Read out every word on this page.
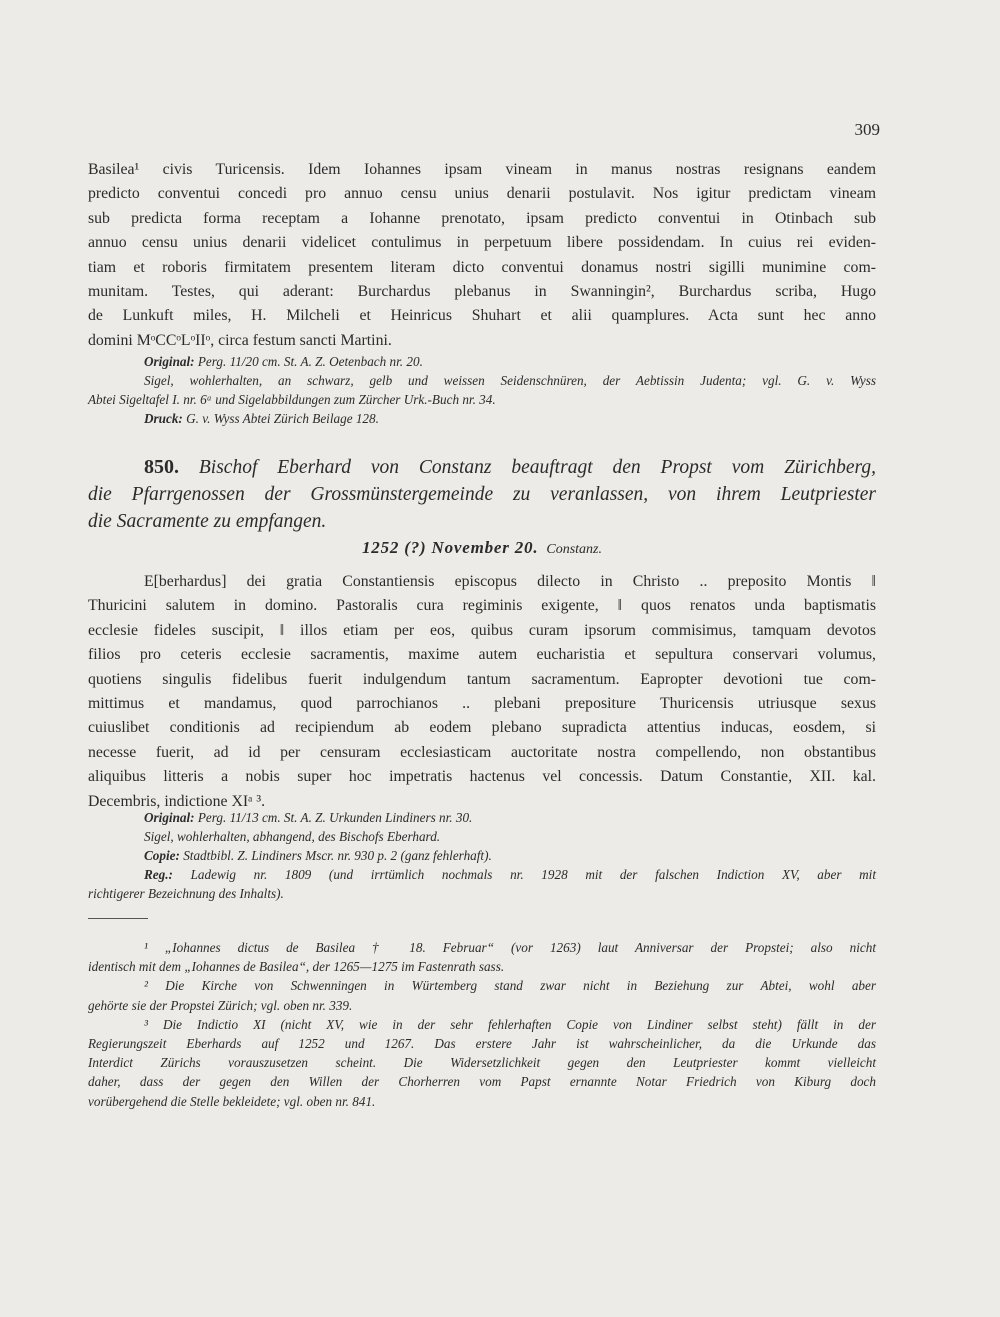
309
Basilea¹ civis Turicensis. Idem Iohannes ipsam vineam in manus nostras resignans eandem
predicto conventui concedi pro annuo censu unius denarii postulavit. Nos igitur predictam vineam
sub predicta forma receptam a Iohanne prenotato, ipsam predicto conventui in Otinbach sub
annuo censu unius denarii videlicet contulimus in perpetuum libere possidendam. In cuius rei eviden-
tiam et roboris firmitatem presentem literam dicto conventui donamus nostri sigilli munimine com-
munitam. Testes, qui aderant: Burchardus plebanus in Swanningin², Burchardus scriba, Hugo
de Lunkuft miles, H. Milcheli et Heinricus Shuhart et alii quamplures. Acta sunt hec anno
domini MᵒCCᵒLᵒIIᵒ, circa festum sancti Martini.
Original: Perg. 11/20 cm. St. A. Z. Oetenbach nr. 20.
Sigel, wohlerhalten, an schwarz, gelb und weissen Seidenschnüren, der Aebtissin Judenta; vgl. G. v. Wyss
Abtei Sigeltafel I. nr. 6ᵃ und Sigelabbildungen zum Zürcher Urk.-Buch nr. 34.
Druck: G. v. Wyss Abtei Zürich Beilage 128.
850. Bischof Eberhard von Constanz beauftragt den Propst vom Zürichberg,
die Pfarrgenossen der Grossmünstergemeinde zu veranlassen, von ihrem Leutpriester
die Sacramente zu empfangen.
1252 (?) November 20. Constanz.
E[berhardus] dei gratia Constantiensis episcopus dilecto in Christo .. preposito Montis ‖
Thuricini salutem in domino. Pastoralis cura regiminis exigente, ‖ quos renatos unda baptismatis
ecclesie fideles suscipit, ‖ illos etiam per eos, quibus curam ipsorum commisimus, tamquam devotos
filios pro ceteris ecclesie sacramentis, maxime autem eucharistia et sepultura conservari volumus,
quotiens singulis fidelibus fuerit indulgendum tantum sacramentum. Eapropter devotioni tue com-
mittimus et mandamus, quod parrochianos .. plebani prepositure Thuricensis utriusque sexus
cuiuslibet conditionis ad recipiendum ab eodem plebano supradicta attentius inducas, eosdem, si
necesse fuerit, ad id per censuram ecclesiasticam auctoritate nostra compellendo, non obstantibus
aliquibus litteris a nobis super hoc impetratis hactenus vel concessis. Datum Constantie, XII. kal.
Decembris, indictione XIᵃ ³.
Original: Perg. 11/13 cm. St. A. Z. Urkunden Lindiners nr. 30.
Sigel, wohlerhalten, abhangend, des Bischofs Eberhard.
Copie: Stadtbibl. Z. Lindiners Mscr. nr. 930 p. 2 (ganz fehlerhaft).
Reg.: Ladewig nr. 1809 (und irrtümlich nochmals nr. 1928 mit der falschen Indiction XV, aber mit
richtigerer Bezeichnung des Inhalts).
¹ „Iohannes dictus de Basilea † 18. Februar“ (vor 1263) laut Anniversar der Propstei; also nicht
identisch mit dem „Iohannes de Basilea“, der 1265—1275 im Fastenrath sass.
² Die Kirche von Schwenningen in Würtemberg stand zwar nicht in Beziehung zur Abtei, wohl aber
gehörte sie der Propstei Zürich; vgl. oben nr. 339.
³ Die Indictio XI (nicht XV, wie in der sehr fehlerhaften Copie von Lindiner selbst steht) fällt in der
Regierungszeit Eberhards auf 1252 und 1267. Das erstere Jahr ist wahrscheinlicher, da die Urkunde das
Interdict Zürichs vorauszusetzen scheint. Die Widersetzlichkeit gegen den Leutpriester kommt vielleicht
daher, dass der gegen den Willen der Chorherren vom Papst ernannte Notar Friedrich von Kiburg doch
vorübergehend die Stelle bekleidete; vgl. oben nr. 841.
